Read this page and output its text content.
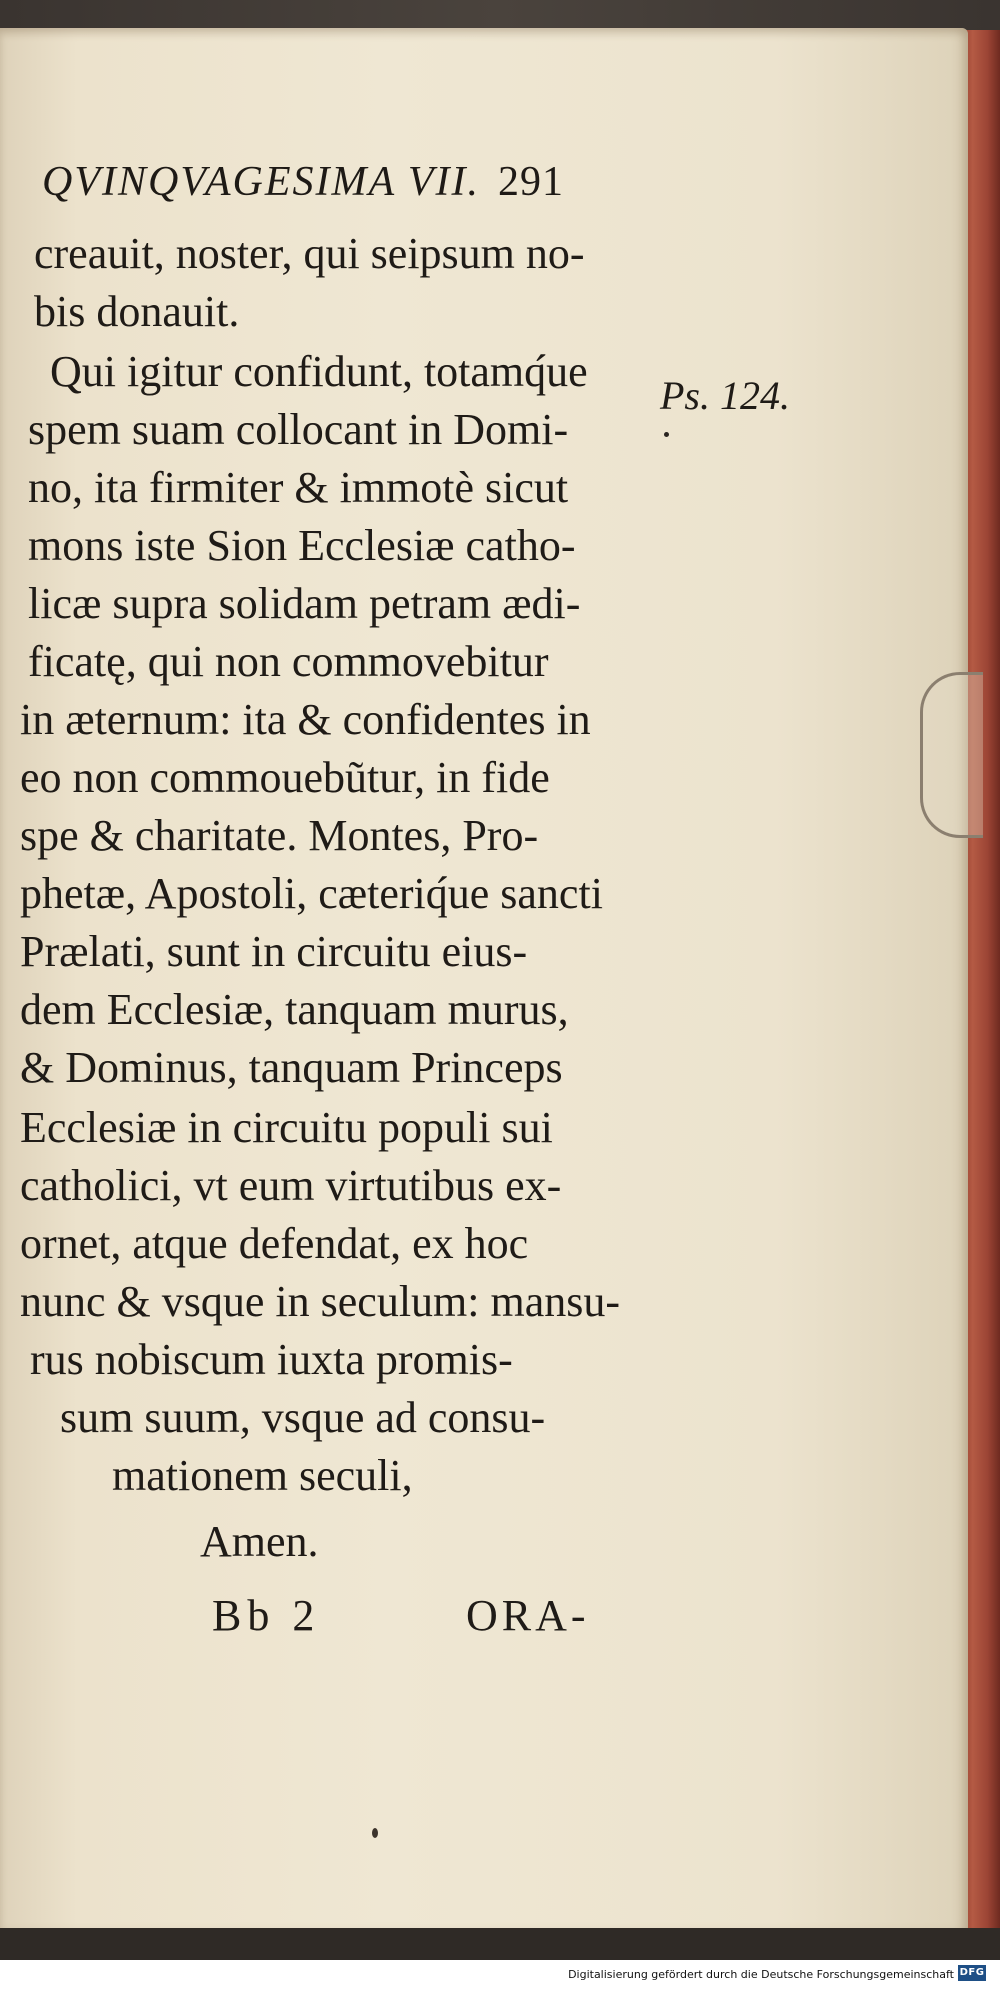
QVINQVAGESIMA VII. 291
creauit, noster, qui seipsum no-
bis donauit.
Qui igitur confidunt, totamq́ue
spem suam collocant in Domi-
no, ita firmiter & immotè sicut
mons iste Sion Ecclesiæ catho-
licæ supra solidam petram ædi-
ficatę, qui non commovebitur
in æternum: ita & confidentes in
eo non commouebũtur, in fide
spe & charitate. Montes, Pro-
phetæ, Apostoli, cæteriq́ue sancti
Prælati, sunt in circuitu eius-
dem Ecclesiæ, tanquam murus,
& Dominus, tanquam Princeps
Ecclesiæ in circuitu populi sui
catholici, vt eum virtutibus ex-
ornet, atque defendat, ex hoc
nunc & vsque in seculum: mansu-
rus nobiscum iuxta promis-
sum suum, vsque ad consu-
mationem seculi,
Amen.
Ps. 124.
Bb 2	ORA-
Digitalisierung gefördert durch die Deutsche Forschungsgemeinschaft DFG
